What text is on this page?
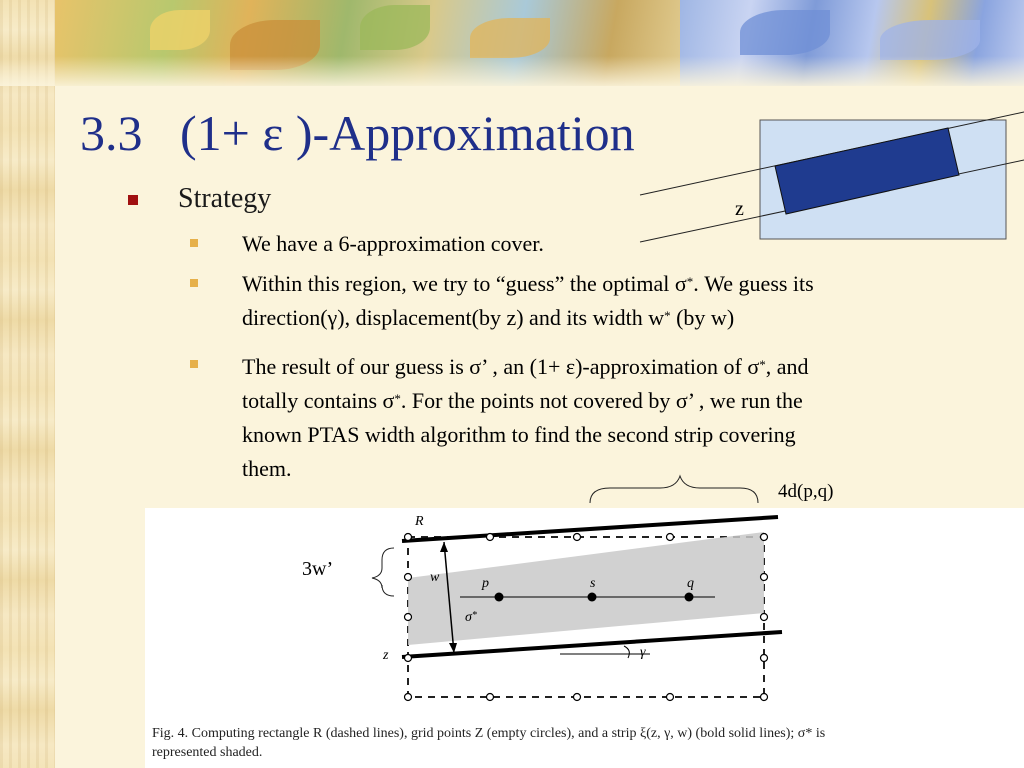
3.3 (1+ ε )-Approximation
Strategy
We have a 6-approximation cover.
Within this region, we try to “guess” the optimal σ*. We guess its
direction(γ), displacement(by z) and its width w* (by w)
The result of our guess is σ’ , an (1+ ε)-approximation of σ*, and
totally contains σ*. For the points not covered by σ’ , we run the
known PTAS width algorithm to find the second strip covering
them.
z
4d(p,q)
3w’
R
w	p	s	q
σ*
z	γ
Fig. 4. Computing rectangle R (dashed lines), grid points Z (empty circles), and a strip ξ(z, γ, w) (bold solid lines); σ* is
represented shaded.
